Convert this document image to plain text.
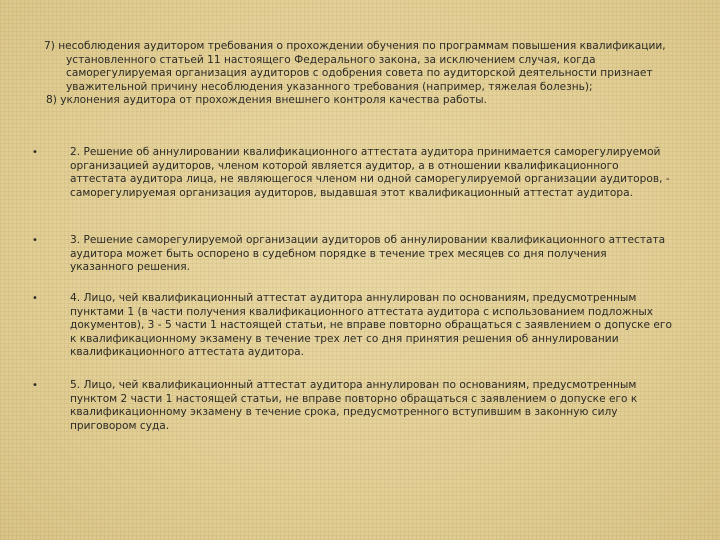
7) несоблюдения аудитором требования о прохождении обучения по программам повышения квалификации, установленного статьей 11 настоящего Федерального закона, за исключением случая, когда саморегулируемая организация аудиторов с одобрения совета по аудиторской деятельности признает уважительной причину несоблюдения указанного требования (например, тяжелая болезнь);

8) уклонения аудитора от прохождения внешнего контроля качества работы.

•	2. Решение об аннулировании квалификационного аттестата аудитора принимается саморегулируемой организацией аудиторов, членом которой является аудитор, а в отношении квалификационного аттестата аудитора лица, не являющегося членом ни одной саморегулируемой организации аудиторов, - саморегулируемая организация аудиторов, выдавшая этот квалификационный аттестат аудитора.
•	3. Решение саморегулируемой организации аудиторов об аннулировании квалификационного аттестата аудитора может быть оспорено в судебном порядке в течение трех месяцев со дня получения указанного решения.
•	4. Лицо, чей квалификационный аттестат аудитора аннулирован по основаниям, предусмотренным пунктами 1 (в части получения квалификационного аттестата аудитора с использованием подложных документов), 3 - 5 части 1 настоящей статьи, не вправе повторно обращаться с заявлением о допуске его к квалификационному экзамену в течение трех лет со дня принятия решения об аннулировании квалификационного аттестата аудитора.
•	5. Лицо, чей квалификационный аттестат аудитора аннулирован по основаниям, предусмотренным пунктом 2 части 1 настоящей статьи, не вправе повторно обращаться с заявлением о допуске его к квалификационному экзамену в течение срока, предусмотренного вступившим в законную силу приговором суда.
